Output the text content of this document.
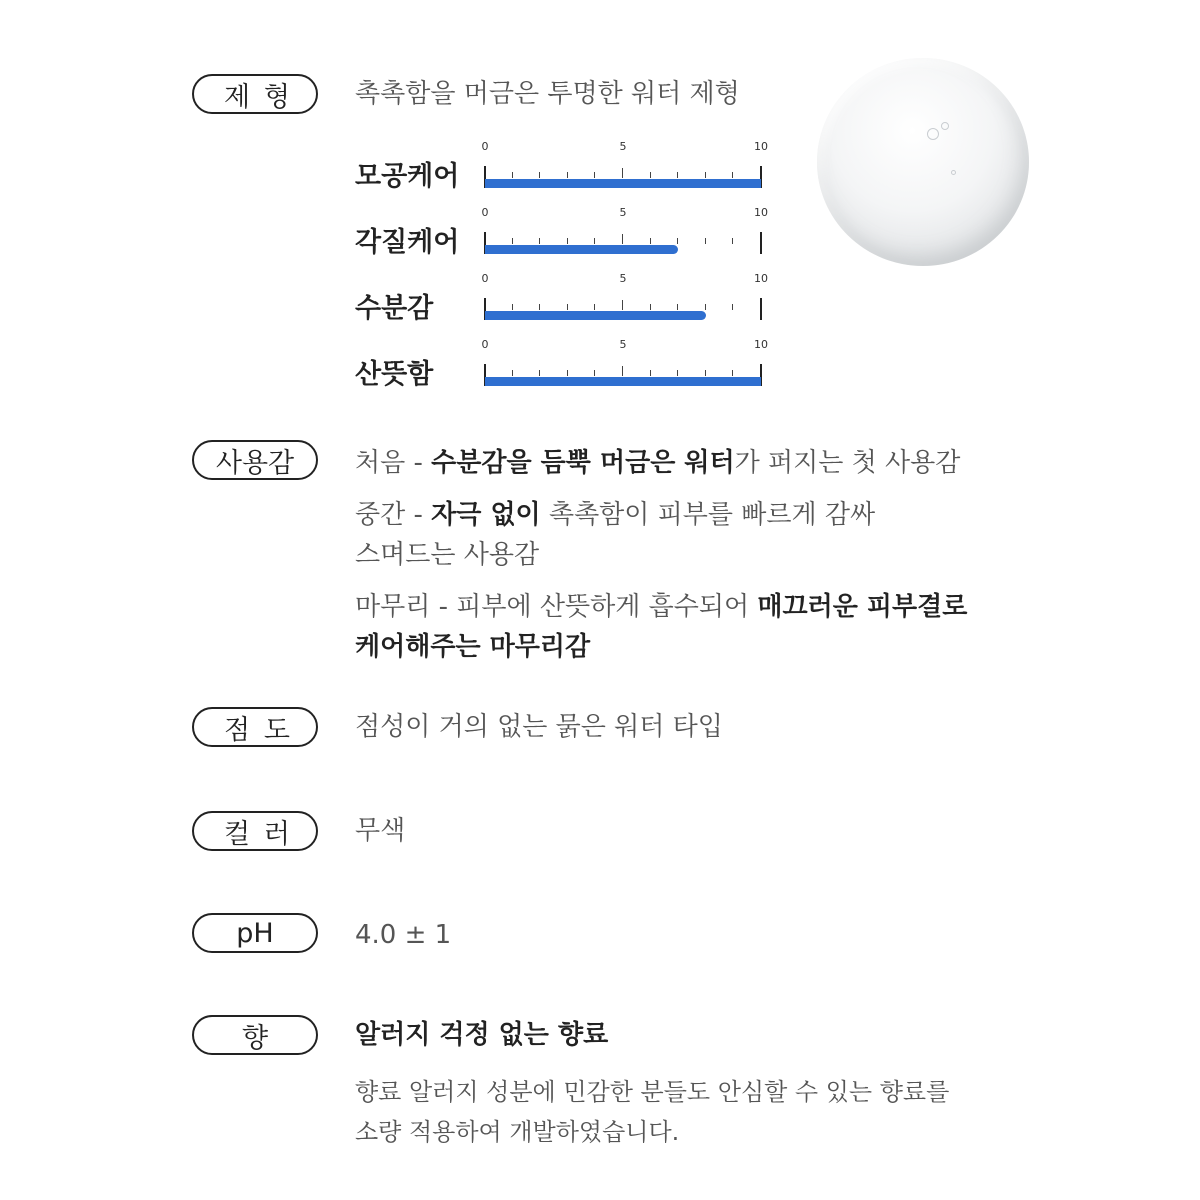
제 형	촉촉함을 머금은 투명한 워터 제형
모공케어
0	5	10
각질케어
0	5	10
수분감
0	5	10
산뜻함
0	5	10
사용감	처음 - 수분감을 듬뿍 머금은 워터가 퍼지는 첫 사용감
중간 - 자극 없이 촉촉함이 피부를 빠르게 감싸
스며드는 사용감
마무리 - 피부에 산뜻하게 흡수되어 매끄러운 피부결로
케어해주는 마무리감
점 도	점성이 거의 없는 묽은 워터 타입
컬 러	무색
pH	4.0 ± 1
향	알러지 걱정 없는 향료
향료 알러지 성분에 민감한 분들도 안심할 수 있는 향료를
소량 적용하여 개발하였습니다.
